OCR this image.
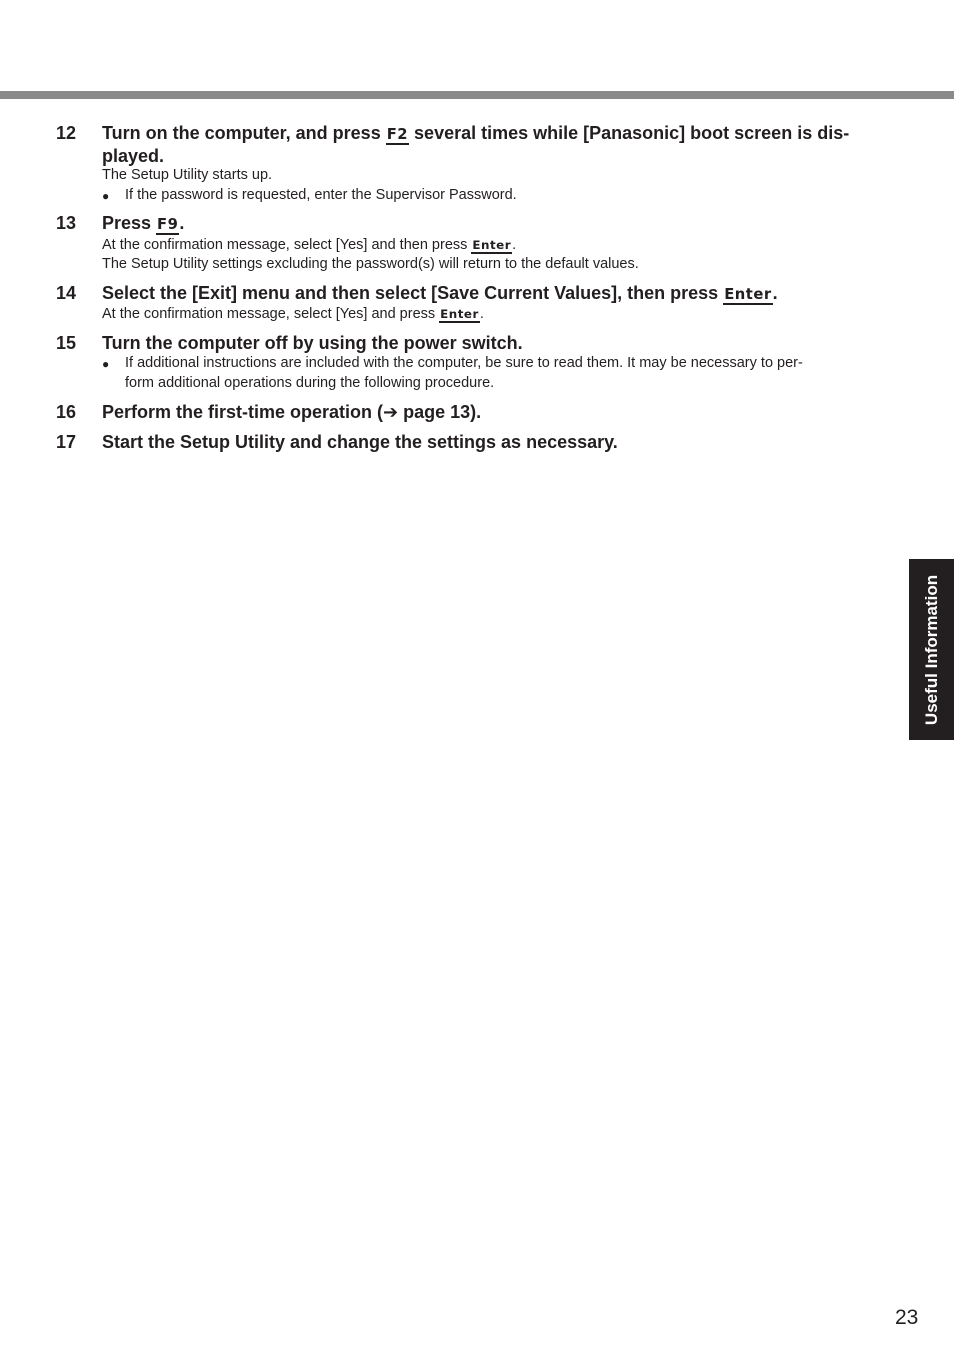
12 Turn on the computer, and press F2 several times while [Panasonic] boot screen is dis-
played.
The Setup Utility starts up.
● If the password is requested, enter the Supervisor Password.
13 Press F9.
At the confirmation message, select [Yes] and then press Enter.
The Setup Utility settings excluding the password(s) will return to the default values.
14 Select the [Exit] menu and then select [Save Current Values], then press Enter.
At the confirmation message, select [Yes] and press Enter.
15 Turn the computer off by using the power switch.
● If additional instructions are included with the computer, be sure to read them. It may be necessary to per-
form additional operations during the following procedure.
16 Perform the first-time operation (➔ page 13).
17 Start the Setup Utility and change the settings as necessary.
Useful Information
23
